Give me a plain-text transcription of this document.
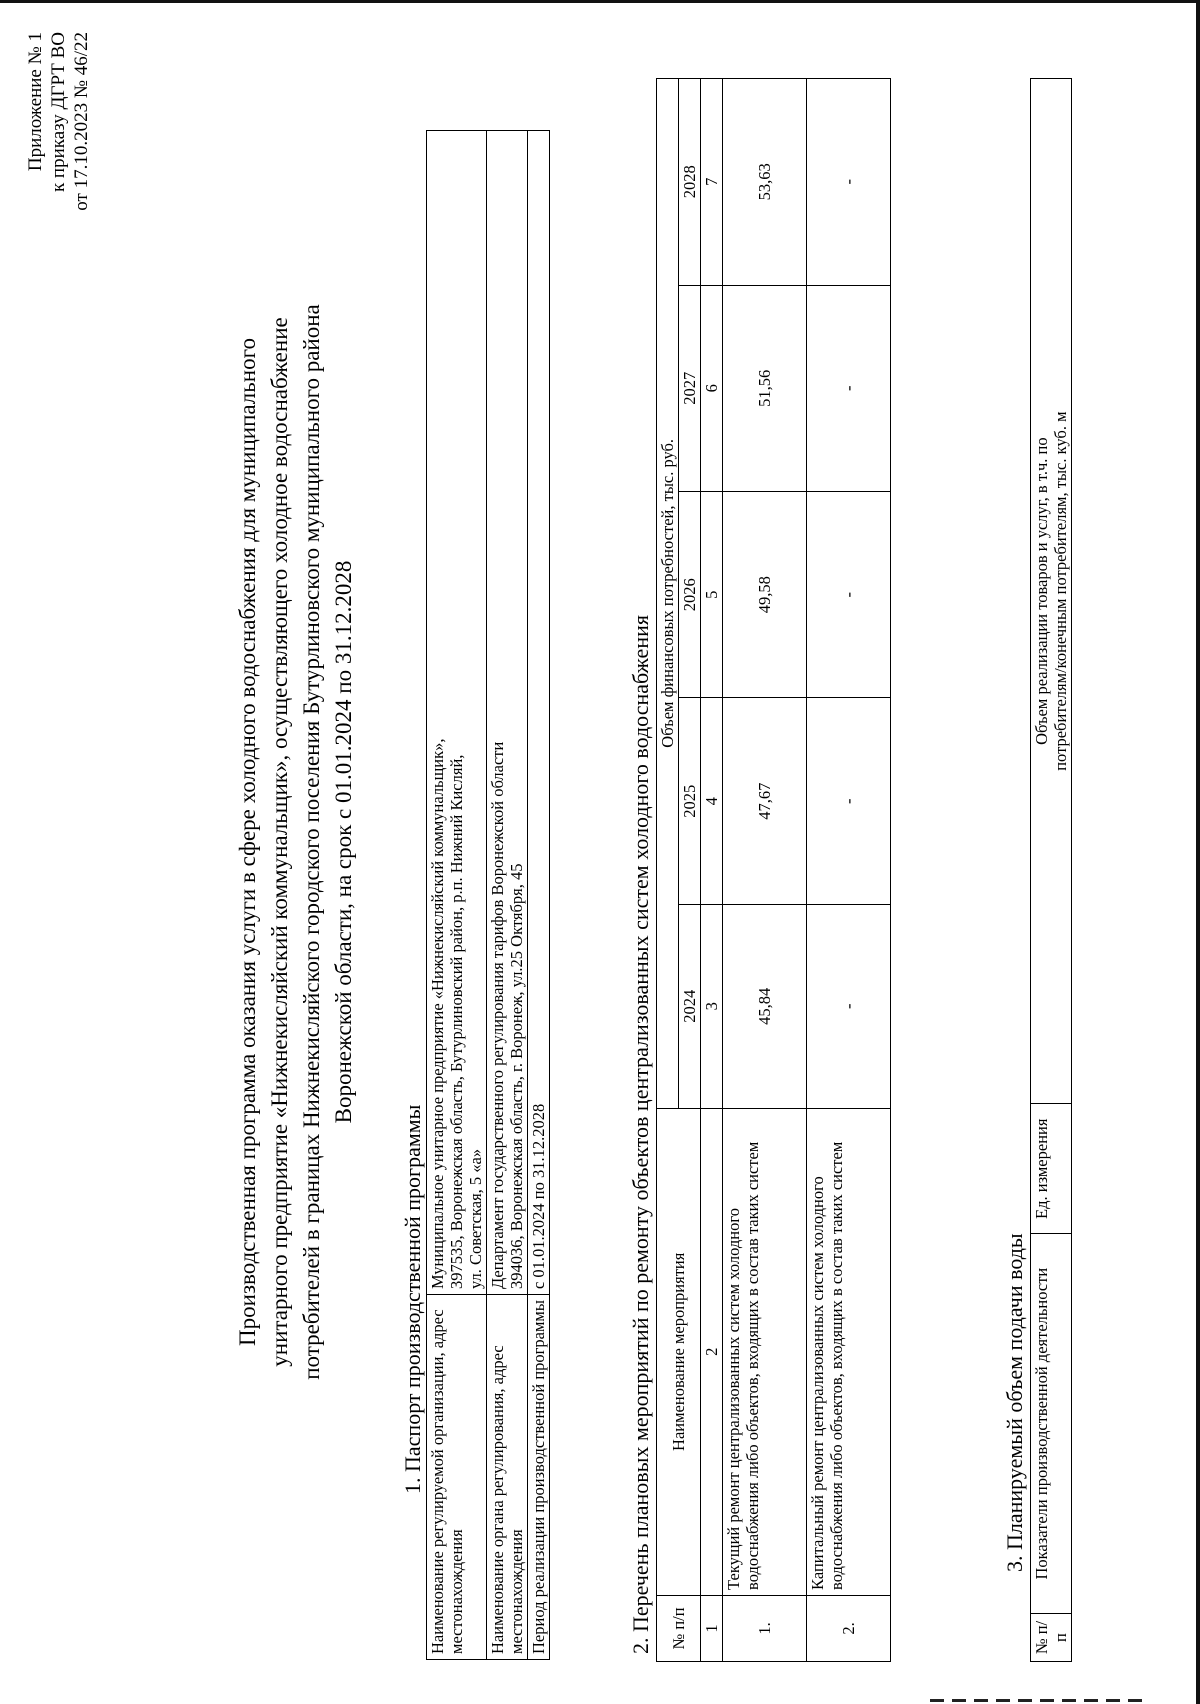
Приложение № 1 к приказу ДГРТ ВО от 17.10.2023 № 46/22
Производственная программа оказания услуги в сфере холодного водоснабжения для муниципального унитарного предприятие «Нижнекисляйский коммунальщик», осуществляющего холодное водоснабжение потребителей в границах Нижнекисляйского городского поселения Бутурлиновского муниципального района Воронежской области, на срок с 01.01.2024 по 31.12.2028
1. Паспорт производственной программы Наименование регулируемой организации, адрес местонахождения	Муниципальное унитарное предприятие «Нижнекисляйский коммунальщик», 397535, Воронежская область, Бутурлиновский район, р.п. Нижний Кисляй, ул. Советская, 5 «а»

Наименование органа регулирования, адрес местонахождения	Департамент государственного регулирования тарифов Воронежской области 394036, Воронежская область, г. Воронеж, ул.25 Октября, 45

Период реализации производственной программы	с 01.01.2024 по 31.12.2028	2. Перечень плановых мероприятий по ремонту объектов централизованных систем холодного водоснабжения № п/п	Наименование мероприятия	Объем финансовых потребностей, тыс. руб.				
		2024	2025	2026	2027	2028
1	2	3	4	5	6	7
1.	Текущий ремонт централизованных систем холодного водоснабжения либо объектов, входящих в состав таких систем	45,84	47,67	49,58	51,56	53,63
2.	Капитальный ремонт централизованных систем холодного водоснабжения либо объектов, входящих в состав таких систем	-	-	-	-	-
3. Планируемый объем подачи воды
№ п/п	Показатели производственной деятельности	Ед. измерения	
Объем реализации товаров и услуг, в т.ч. по потребителям/конечным потребителям, тыс. куб. м
